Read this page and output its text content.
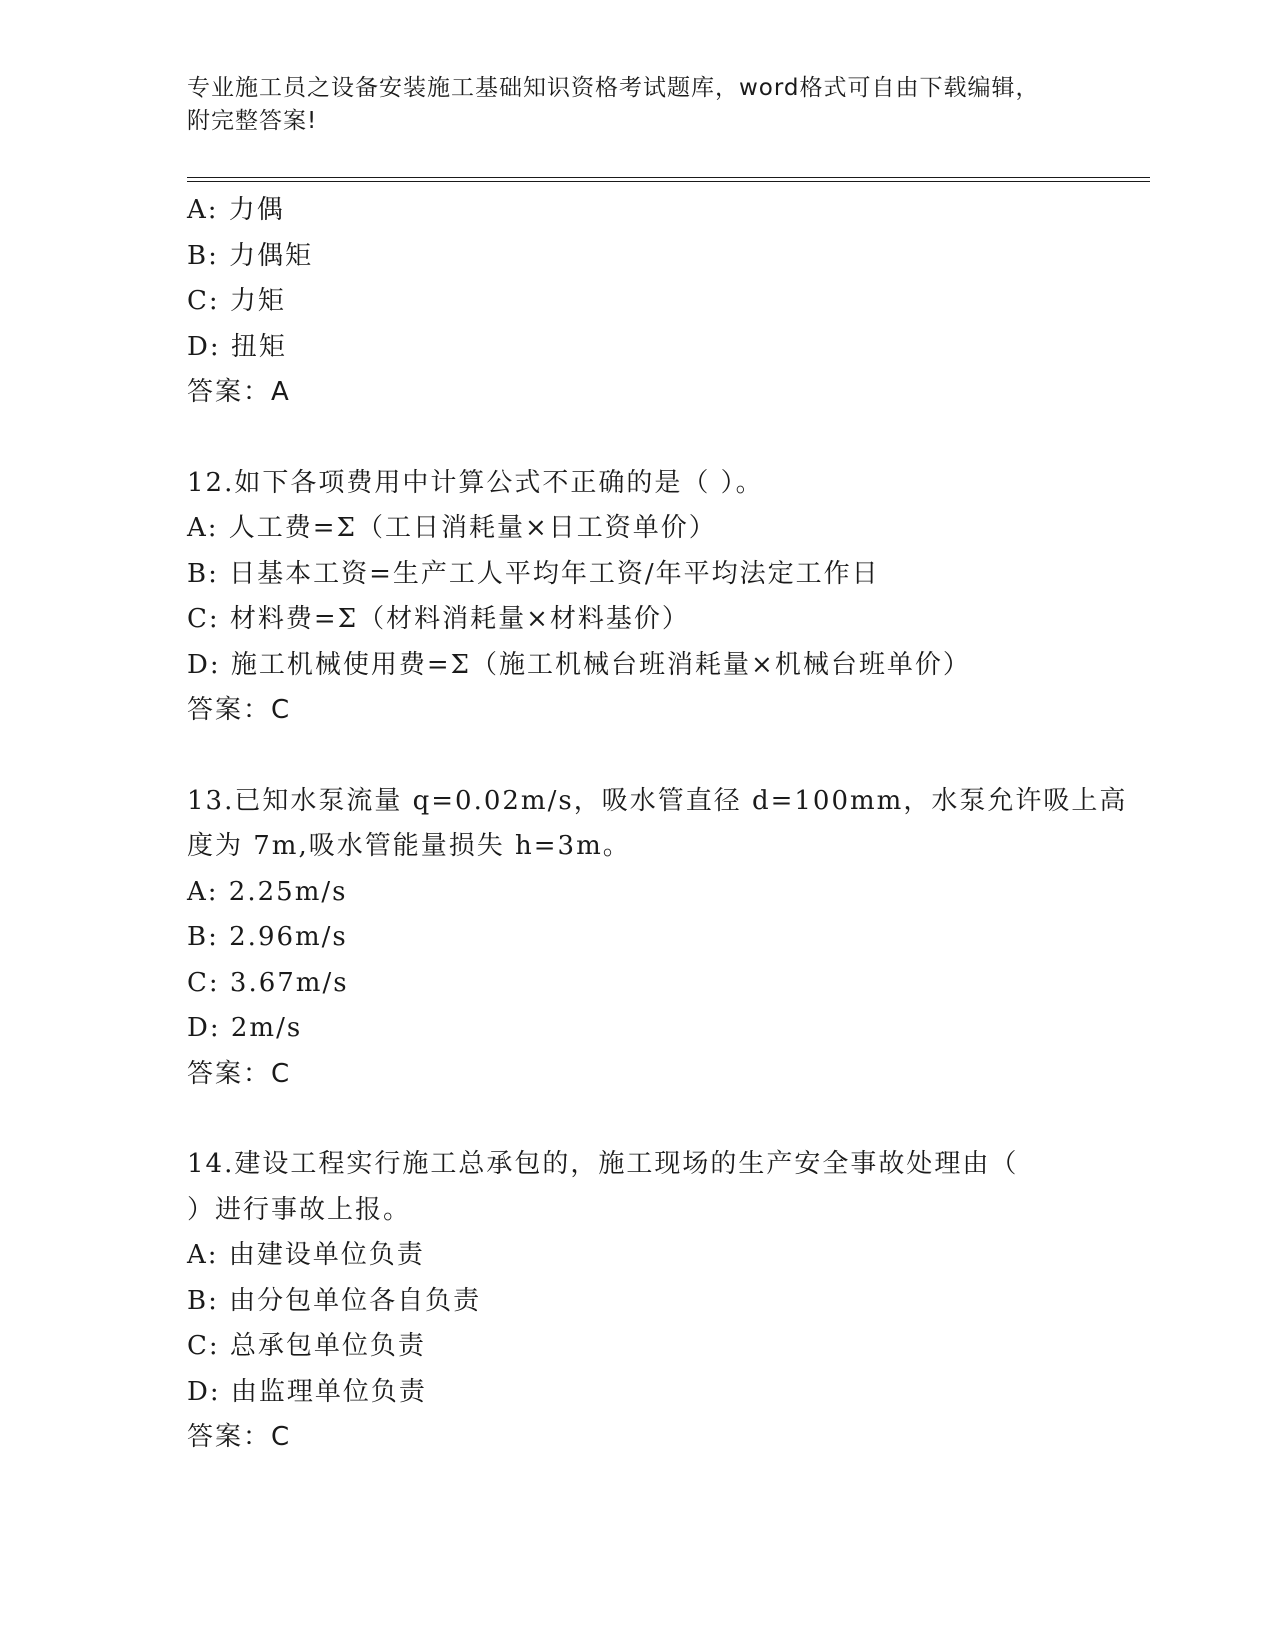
专业施工员之设备安装施工基础知识资格考试题库，word格式可自由下载编辑，
附完整答案!
A: 力偶
B: 力偶矩
C: 力矩
D: 扭矩
答案：A
12.如下各项费用中计算公式不正确的是（ ）。
A: 人工费=Σ（工日消耗量×日工资单价）
B: 日基本工资=生产工人平均年工资/年平均法定工作日
C: 材料费=Σ（材料消耗量×材料基价）
D: 施工机械使用费=Σ（施工机械台班消耗量×机械台班单价）
答案：C
13.已知水泵流量 q=0.02m/s，吸水管直径 d=100mm，水泵允许吸上高
度为 7m,吸水管能量损失 h=3m。
A: 2.25m/s
B: 2.96m/s
C: 3.67m/s
D: 2m/s
答案：C
14.建设工程实行施工总承包的，施工现场的生产安全事故处理由（
）进行事故上报。
A: 由建设单位负责
B: 由分包单位各自负责
C: 总承包单位负责
D: 由监理单位负责
答案：C
